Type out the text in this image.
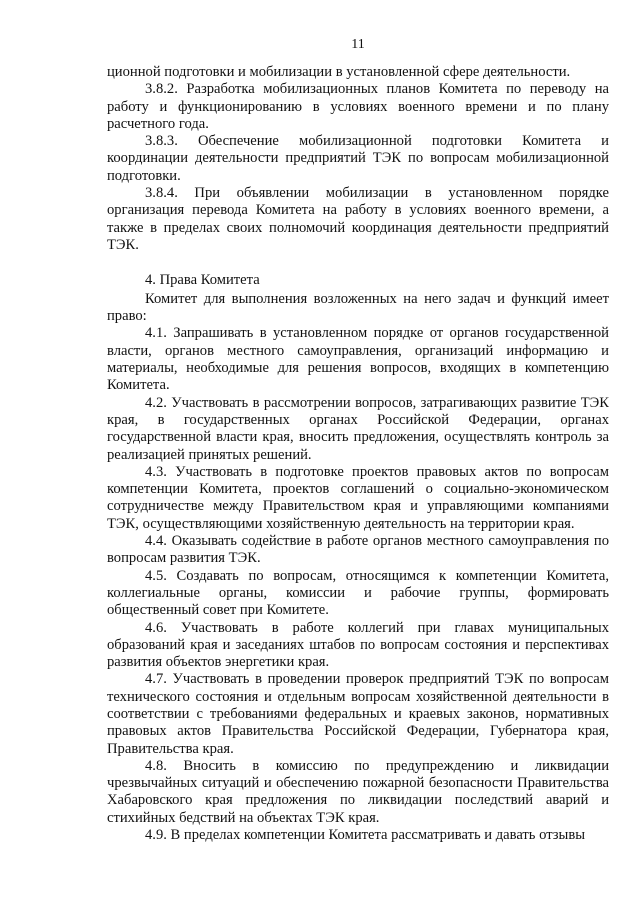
11

ционной подготовки и мобилизации в установленной сфере деятельности.

3.8.2. Разработка мобилизационных планов Комитета по переводу на работу и функционированию в условиях военного времени и по плану расчетного года.

3.8.3. Обеспечение мобилизационной подготовки Комитета и координации деятельности предприятий ТЭК по вопросам мобилизационной подготовки.

3.8.4. При объявлении мобилизации в установленном порядке организация перевода Комитета на работу в условиях военного времени, а также в пределах своих полномочий координация деятельности предприятий ТЭК.

4. Права Комитета

Комитет для выполнения возложенных на него задач и функций имеет право:

4.1. Запрашивать в установленном порядке от органов государственной власти, органов местного самоуправления, организаций информацию и материалы, необходимые для решения вопросов, входящих в компетенцию Комитета.

4.2. Участвовать в рассмотрении вопросов, затрагивающих развитие ТЭК края, в государственных органах Российской Федерации, органах государственной власти края, вносить предложения, осуществлять контроль за реализацией принятых решений.

4.3. Участвовать в подготовке проектов правовых актов по вопросам компетенции Комитета, проектов соглашений о социально-экономическом сотрудничестве между Правительством края и управляющими компаниями ТЭК, осуществляющими хозяйственную деятельность на территории края.

4.4. Оказывать содействие в работе органов местного самоуправления по вопросам развития ТЭК.

4.5. Создавать по вопросам, относящимся к компетенции Комитета, коллегиальные органы, комиссии и рабочие группы, формировать общественный совет при Комитете.

4.6. Участвовать в работе коллегий при главах муниципальных образований края и заседаниях штабов по вопросам состояния и перспективах развития объектов энергетики края.

4.7. Участвовать в проведении проверок предприятий ТЭК по вопросам технического состояния и отдельным вопросам хозяйственной деятельности в соответствии с требованиями федеральных и краевых законов, нормативных правовых актов Правительства Российской Федерации, Губернатора края, Правительства края.

4.8. Вносить в комиссию по предупреждению и ликвидации чрезвычайных ситуаций и обеспечению пожарной безопасности Правительства Хабаровского края предложения по ликвидации последствий аварий и стихийных бедствий на объектах ТЭК края.

4.9. В пределах компетенции Комитета рассматривать и давать отзывы
